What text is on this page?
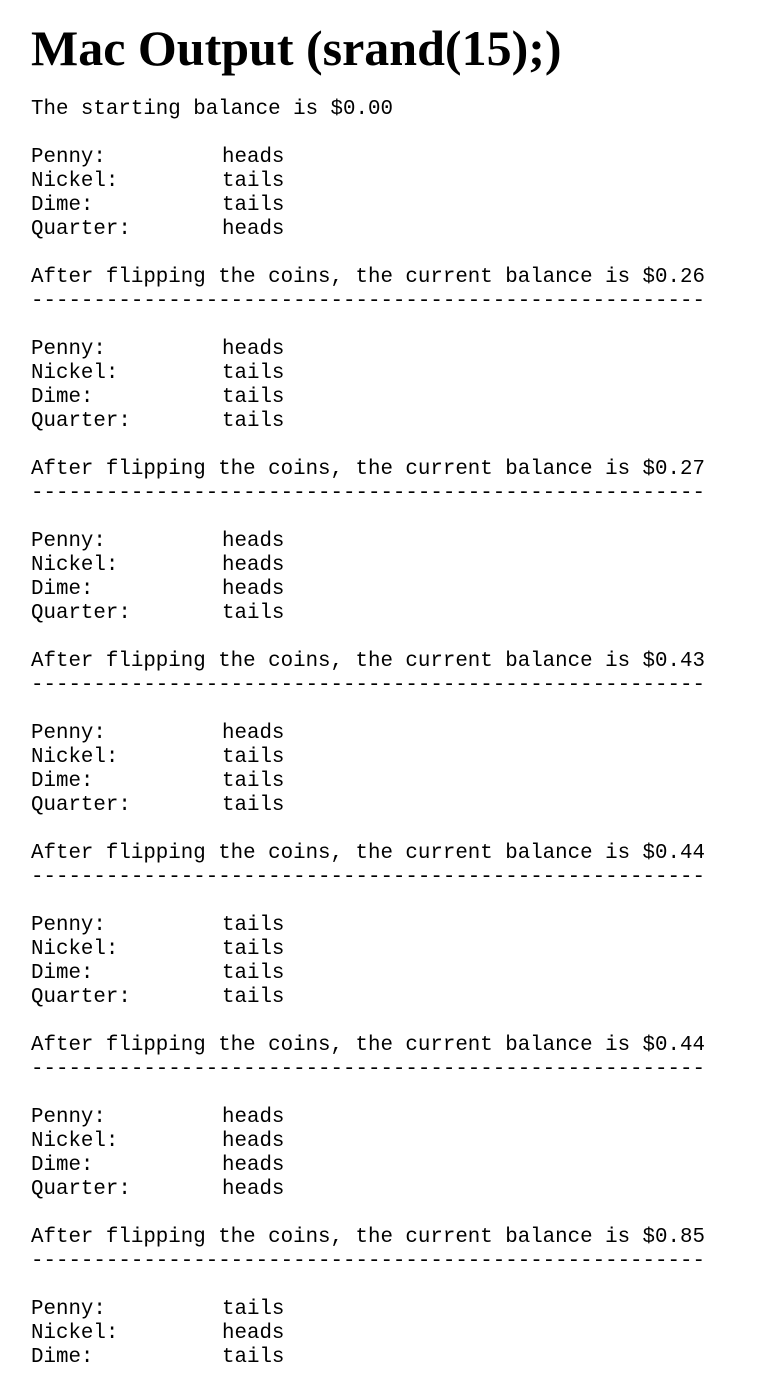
Mac Output (srand(15);)
The starting balance is $0.00
Penny:	heads
Nickel:	tails
Dime:	tails
Quarter:	heads
After flipping the coins, the current balance is $0.26
------------------------------------------------------
Penny:	heads
Nickel:	tails
Dime:	tails
Quarter:	tails
After flipping the coins, the current balance is $0.27
------------------------------------------------------
Penny:	heads
Nickel:	heads
Dime:	heads
Quarter:	tails
After flipping the coins, the current balance is $0.43
------------------------------------------------------
Penny:	heads
Nickel:	tails
Dime:	tails
Quarter:	tails
After flipping the coins, the current balance is $0.44
------------------------------------------------------
Penny:	tails
Nickel:	tails
Dime:	tails
Quarter:	tails
After flipping the coins, the current balance is $0.44
------------------------------------------------------
Penny:	heads
Nickel:	heads
Dime:	heads
Quarter:	heads
After flipping the coins, the current balance is $0.85
------------------------------------------------------
Penny:	tails
Nickel:	heads
Dime:	tails
